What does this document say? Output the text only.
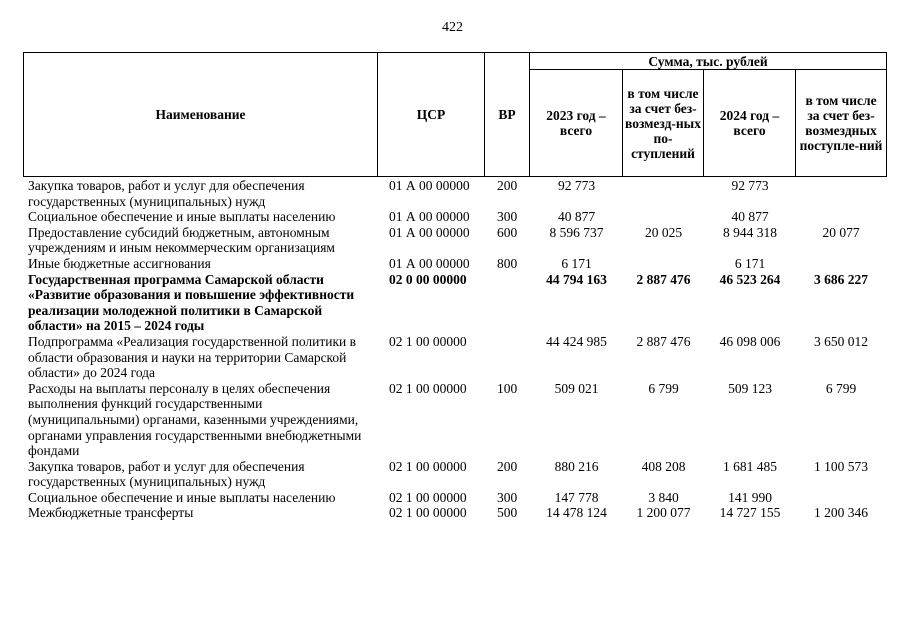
422
Наименование	ЦСР	ВР	Сумма, тыс. рублей			
			2023 год – всего	в том числе за счет без-возмезд-ных по-ступлений	2024 год – всего	в том числе за счет без-возмездных поступле-ний
Закупка товаров, работ и услуг для обеспечения государственных (муниципальных) нужд	01 А 00 00000	200	92 773		92 773	
Социальное обеспечение и иные выплаты населению	01 А 00 00000	300	40 877		40 877	
Предоставление субсидий бюджетным, автономным учреждениям и иным некоммерческим организациям	01 А 00 00000	600	8 596 737	20 025	8 944 318	20 077
Иные бюджетные ассигнования	01 А 00 00000	800	6 171		6 171	
Государственная программа Самарской области «Развитие образования и повышение эффективности реализации молодежной политики в Самарской области» на 2015 – 2024 годы	02 0 00 00000		44 794 163	2 887 476	46 523 264	3 686 227
Подпрограмма «Реализация государственной политики в области образования и науки на территории Самарской области» до 2024 года	02 1 00 00000		44 424 985	2 887 476	46 098 006	3 650 012
Расходы на выплаты персоналу в целях обеспечения выполнения функций государственными (муниципальными) органами, казенными учреждениями, органами управления государственными внебюджетными фондами	02 1 00 00000	100	509 021	6 799	509 123	6 799
Закупка товаров, работ и услуг для обеспечения государственных (муниципальных) нужд	02 1 00 00000	200	880 216	408 208	1 681 485	1 100 573
Социальное обеспечение и иные выплаты населению	02 1 00 00000	300	147 778	3 840	141 990	
Межбюджетные трансферты	02 1 00 00000	500	14 478 124	1 200 077	14 727 155	1 200 346
